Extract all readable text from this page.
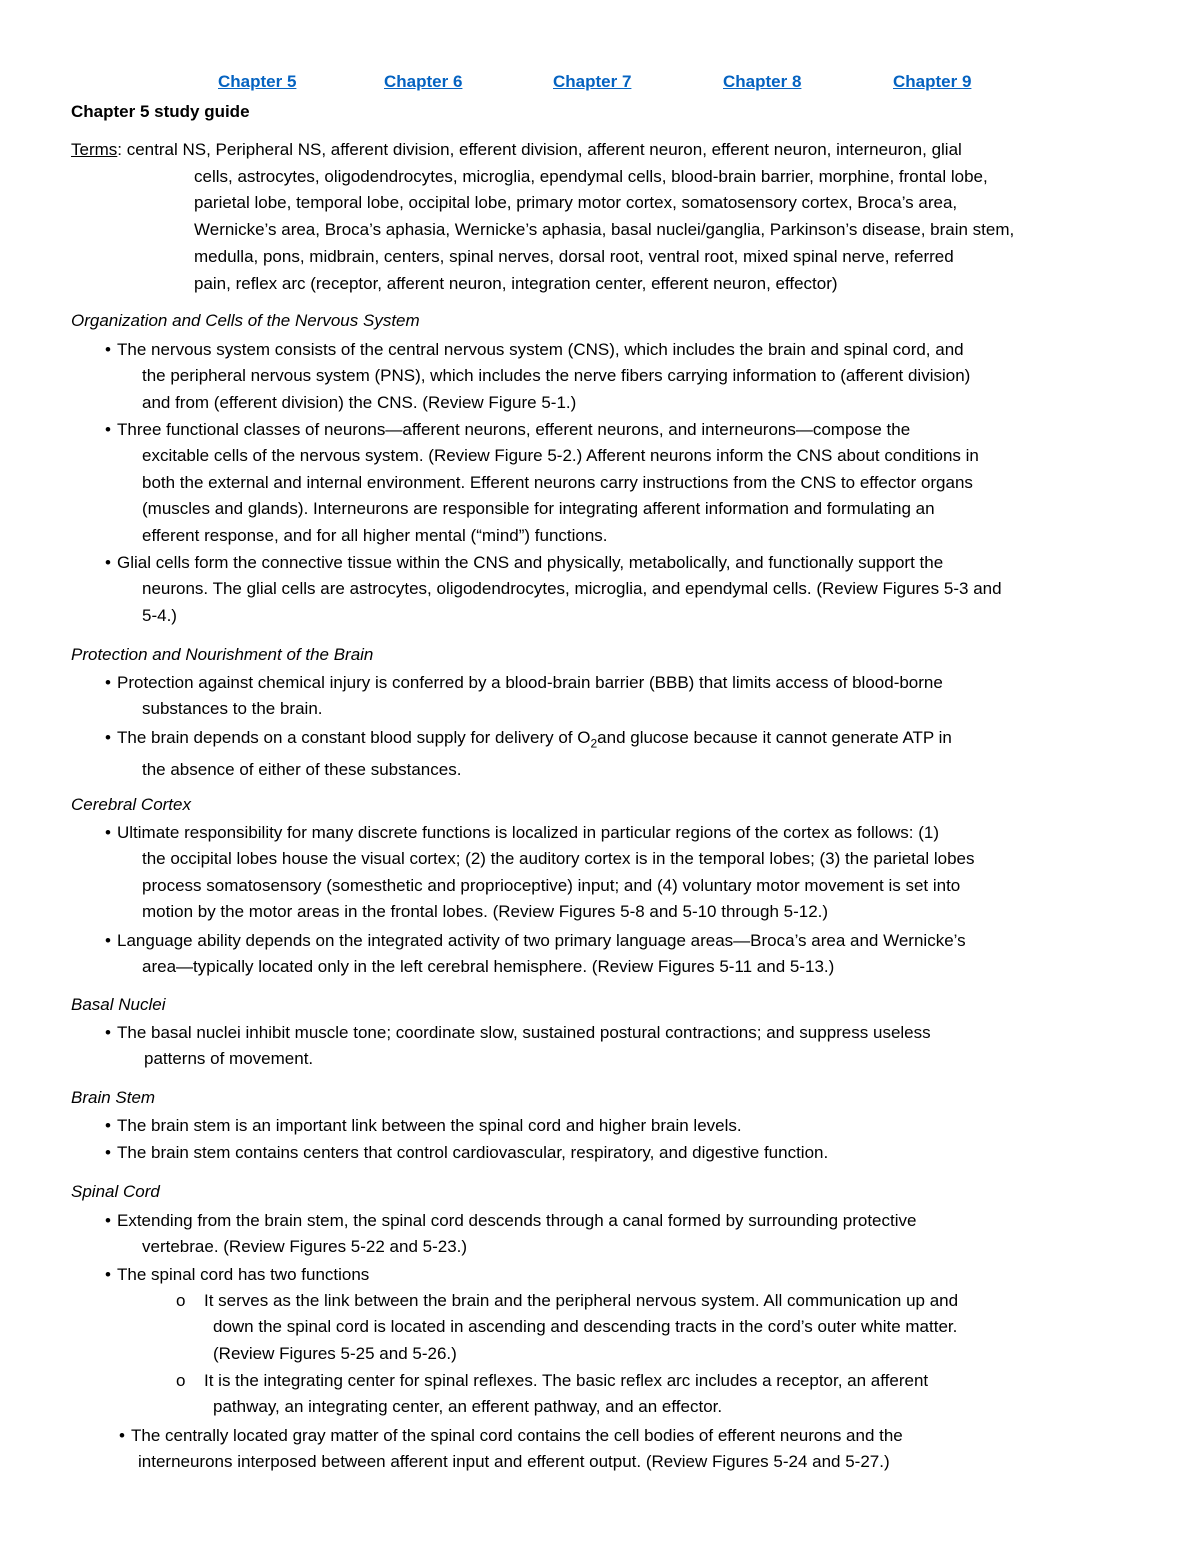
Chapter 5	Chapter 6	Chapter 7	Chapter 8	Chapter 9
Chapter 5 study guide
Terms: central NS, Peripheral NS, afferent division, efferent division, afferent neuron, efferent neuron, interneuron, glial
cells, astrocytes, oligodendrocytes, microglia, ependymal cells, blood-brain barrier, morphine, frontal lobe,
parietal lobe, temporal lobe, occipital lobe, primary motor cortex, somatosensory cortex, Broca’s area,
Wernicke’s area, Broca’s aphasia, Wernicke’s aphasia, basal nuclei/ganglia, Parkinson’s disease, brain stem,
medulla, pons, midbrain, centers, spinal nerves, dorsal root, ventral root, mixed spinal nerve, referred
pain, reflex arc (receptor, afferent neuron, integration center, efferent neuron, effector)
Organization and Cells of the Nervous System
• The nervous system consists of the central nervous system (CNS), which includes the brain and spinal cord, and
the peripheral nervous system (PNS), which includes the nerve fibers carrying information to (afferent division)
and from (efferent division) the CNS. (Review Figure 5-1.)
• Three functional classes of neurons—afferent neurons, efferent neurons, and interneurons—compose the
excitable cells of the nervous system. (Review Figure 5-2.) Afferent neurons inform the CNS about conditions in
both the external and internal environment. Efferent neurons carry instructions from the CNS to effector organs
(muscles and glands). Interneurons are responsible for integrating afferent information and formulating an
efferent response, and for all higher mental (“mind”) functions.
• Glial cells form the connective tissue within the CNS and physically, metabolically, and functionally support the
neurons. The glial cells are astrocytes, oligodendrocytes, microglia, and ependymal cells. (Review Figures 5-3 and
5-4.)
Protection and Nourishment of the Brain
• Protection against chemical injury is conferred by a blood-brain barrier (BBB) that limits access of blood-borne
substances to the brain.
• The brain depends on a constant blood supply for delivery of $O_2and$ glucose because it cannot generate ATP in
the absence of either of these substances.
Cerebral Cortex
• Ultimate responsibility for many discrete functions is localized in particular regions of the cortex as follows: (1)
the occipital lobes house the visual cortex; (2) the auditory cortex is in the temporal lobes; (3) the parietal lobes
process somatosensory (somesthetic and proprioceptive) input; and (4) voluntary motor movement is set into
motion by the motor areas in the frontal lobes. (Review Figures 5-8 and 5-10 through 5-12.)
• Language ability depends on the integrated activity of two primary language areas—Broca’s area and Wernicke’s
area—typically located only in the left cerebral hemisphere. (Review Figures 5-11 and 5-13.)
Basal Nuclei
• The basal nuclei inhibit muscle tone; coordinate slow, sustained postural contractions; and suppress useless
patterns of movement.
Brain Stem
• The brain stem is an important link between the spinal cord and higher brain levels.
• The brain stem contains centers that control cardiovascular, respiratory, and digestive function.
Spinal Cord
• Extending from the brain stem, the spinal cord descends through a canal formed by surrounding protective
vertebrae. (Review Figures 5-22 and 5-23.)
• The spinal cord has two functions
o It serves as the link between the brain and the peripheral nervous system. All communication up and
down the spinal cord is located in ascending and descending tracts in the cord’s outer white matter.
(Review Figures 5-25 and 5-26.)
o It is the integrating center for spinal reflexes. The basic reflex arc includes a receptor, an afferent
pathway, an integrating center, an efferent pathway, and an effector.
• The centrally located gray matter of the spinal cord contains the cell bodies of efferent neurons and the
interneurons interposed between afferent input and efferent output. (Review Figures 5-24 and 5-27.)
